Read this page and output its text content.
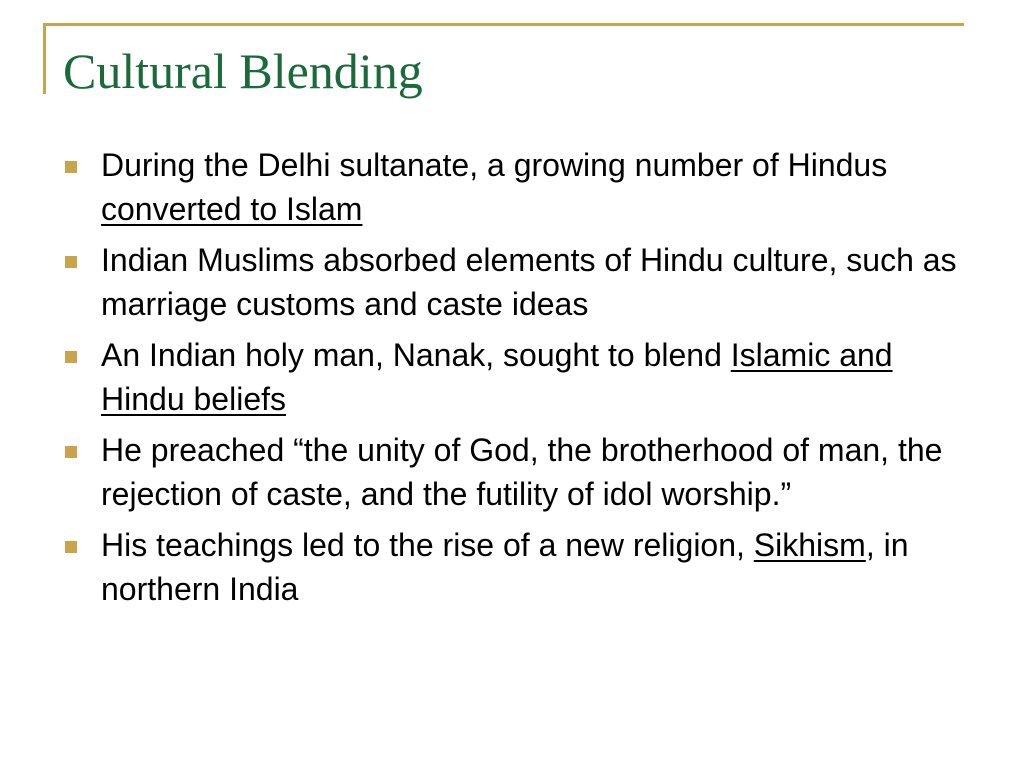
Cultural Blending
During the Delhi sultanate, a growing number of Hindus converted to Islam
Indian Muslims absorbed elements of Hindu culture, such as marriage customs and caste ideas
An Indian holy man, Nanak, sought to blend Islamic and Hindu beliefs
He preached “the unity of God, the brotherhood of man, the rejection of caste, and the futility of idol worship.”
His teachings led to the rise of a new religion, Sikhism, in northern India
